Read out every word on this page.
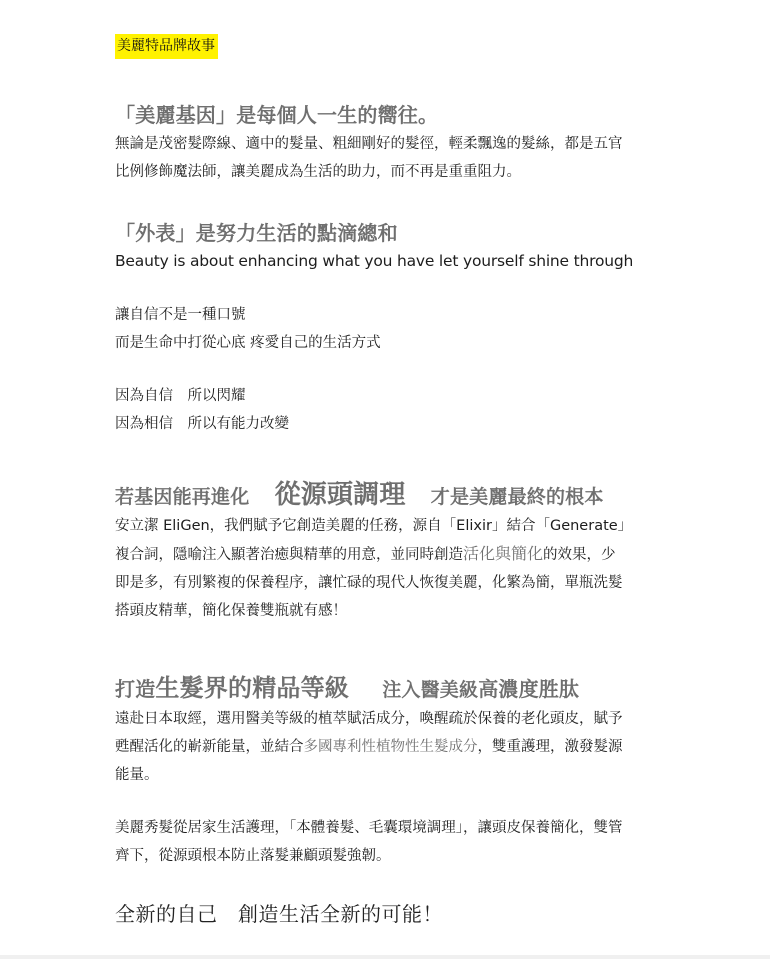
美麗特品牌故事
「美麗基因」是每個人一生的嚮往。
無論是茂密髮際線、適中的髮量、粗細剛好的髮徑，輕柔飄逸的髮絲，都是五官
比例修飾魔法師，讓美麗成為生活的助力，而不再是重重阻力。
「外表」是努力生活的點滴總和
Beauty is about enhancing what you have let yourself shine through
讓自信不是一種口號
而是生命中打從心底 疼愛自己的生活方式
因為自信　所以閃耀
因為相信　所以有能力改變
若基因能再進化 從源頭調理 才是美麗最終的根本
安立潔 EliGen，我們賦予它創造美麗的任務，源自「Elixir」結合「Generate」
複合詞，隱喻注入顯著治癒與精華的用意，並同時創造活化與簡化的效果，少
即是多，有別繁複的保養程序，讓忙碌的現代人恢復美麗，化繁為簡，單瓶洗髮
搭頭皮精華，簡化保養雙瓶就有感！
打造生髮界的精品等級 注入醫美級高濃度胜肽
遠赴日本取經，選用醫美等級的植萃賦活成分，喚醒疏於保養的老化頭皮，賦予
甦醒活化的嶄新能量，並結合多國專利性植物性生髮成分，雙重護理，激發髮源
能量。
美麗秀髮從居家生活護理，「本體養髮、毛囊環境調理」，讓頭皮保養簡化，雙管
齊下，從源頭根本防止落髮兼顧頭髮強韌。
全新的自己　創造生活全新的可能！
